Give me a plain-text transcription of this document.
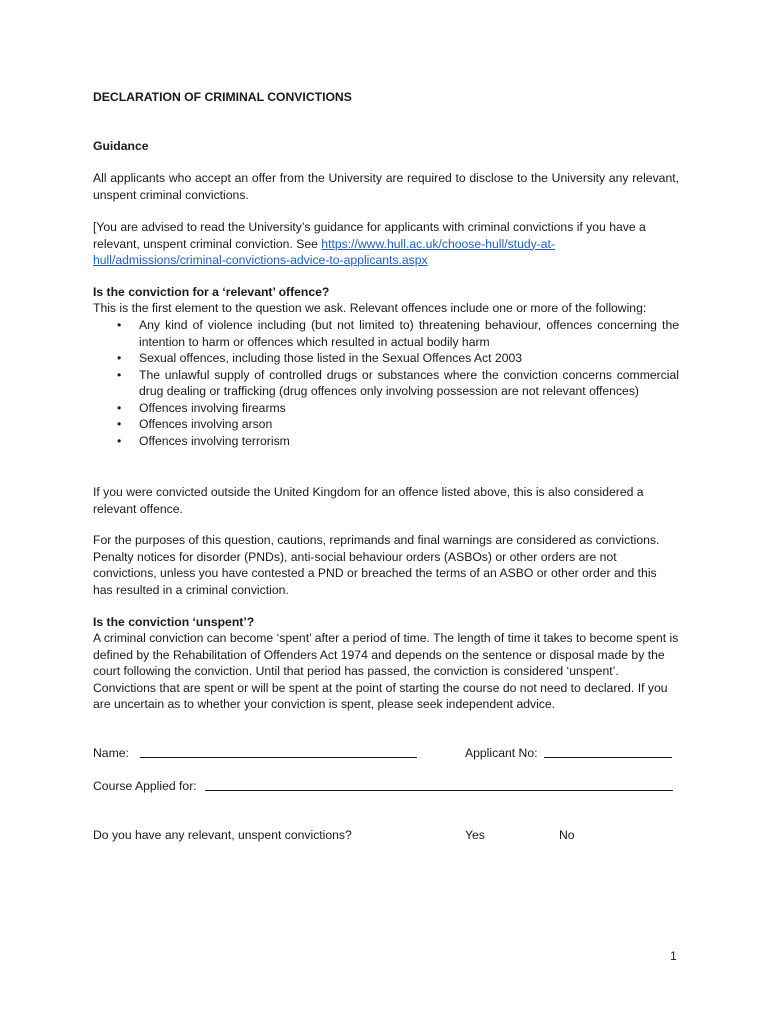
DECLARATION OF CRIMINAL CONVICTIONS
Guidance
All applicants who accept an offer from the University are required to disclose to the University any relevant, unspent criminal convictions.
[You are advised to read the University’s guidance for applicants with criminal convictions if you have a relevant, unspent criminal conviction. See https://www.hull.ac.uk/choose-hull/study-at-hull/admissions/criminal-convictions-advice-to-applicants.aspx
Is the conviction for a ‘relevant’ offence?
This is the first element to the question we ask. Relevant offences include one or more of the following:
• Any kind of violence including (but not limited to) threatening behaviour, offences concerning the intention to harm or offences which resulted in actual bodily harm
• Sexual offences, including those listed in the Sexual Offences Act 2003
• The unlawful supply of controlled drugs or substances where the conviction concerns commercial drug dealing or trafficking (drug offences only involving possession are not relevant offences)
• Offences involving firearms
• Offences involving arson
• Offences involving terrorism
If you were convicted outside the United Kingdom for an offence listed above, this is also considered a relevant offence.
For the purposes of this question, cautions, reprimands and final warnings are considered as convictions. Penalty notices for disorder (PNDs), anti-social behaviour orders (ASBOs) or other orders are not convictions, unless you have contested a PND or breached the terms of an ASBO or other order and this has resulted in a criminal conviction.
Is the conviction ‘unspent’?
A criminal conviction can become ‘spent’ after a period of time. The length of time it takes to become spent is defined by the Rehabilitation of Offenders Act 1974 and depends on the sentence or disposal made by the court following the conviction. Until that period has passed, the conviction is considered ‘unspent’. Convictions that are spent or will be spent at the point of starting the course do not need to declared. If you are uncertain as to whether your conviction is spent, please seek independent advice.
Name:	Applicant No:
Course Applied for:
Do you have any relevant, unspent convictions?	Yes	No
1
